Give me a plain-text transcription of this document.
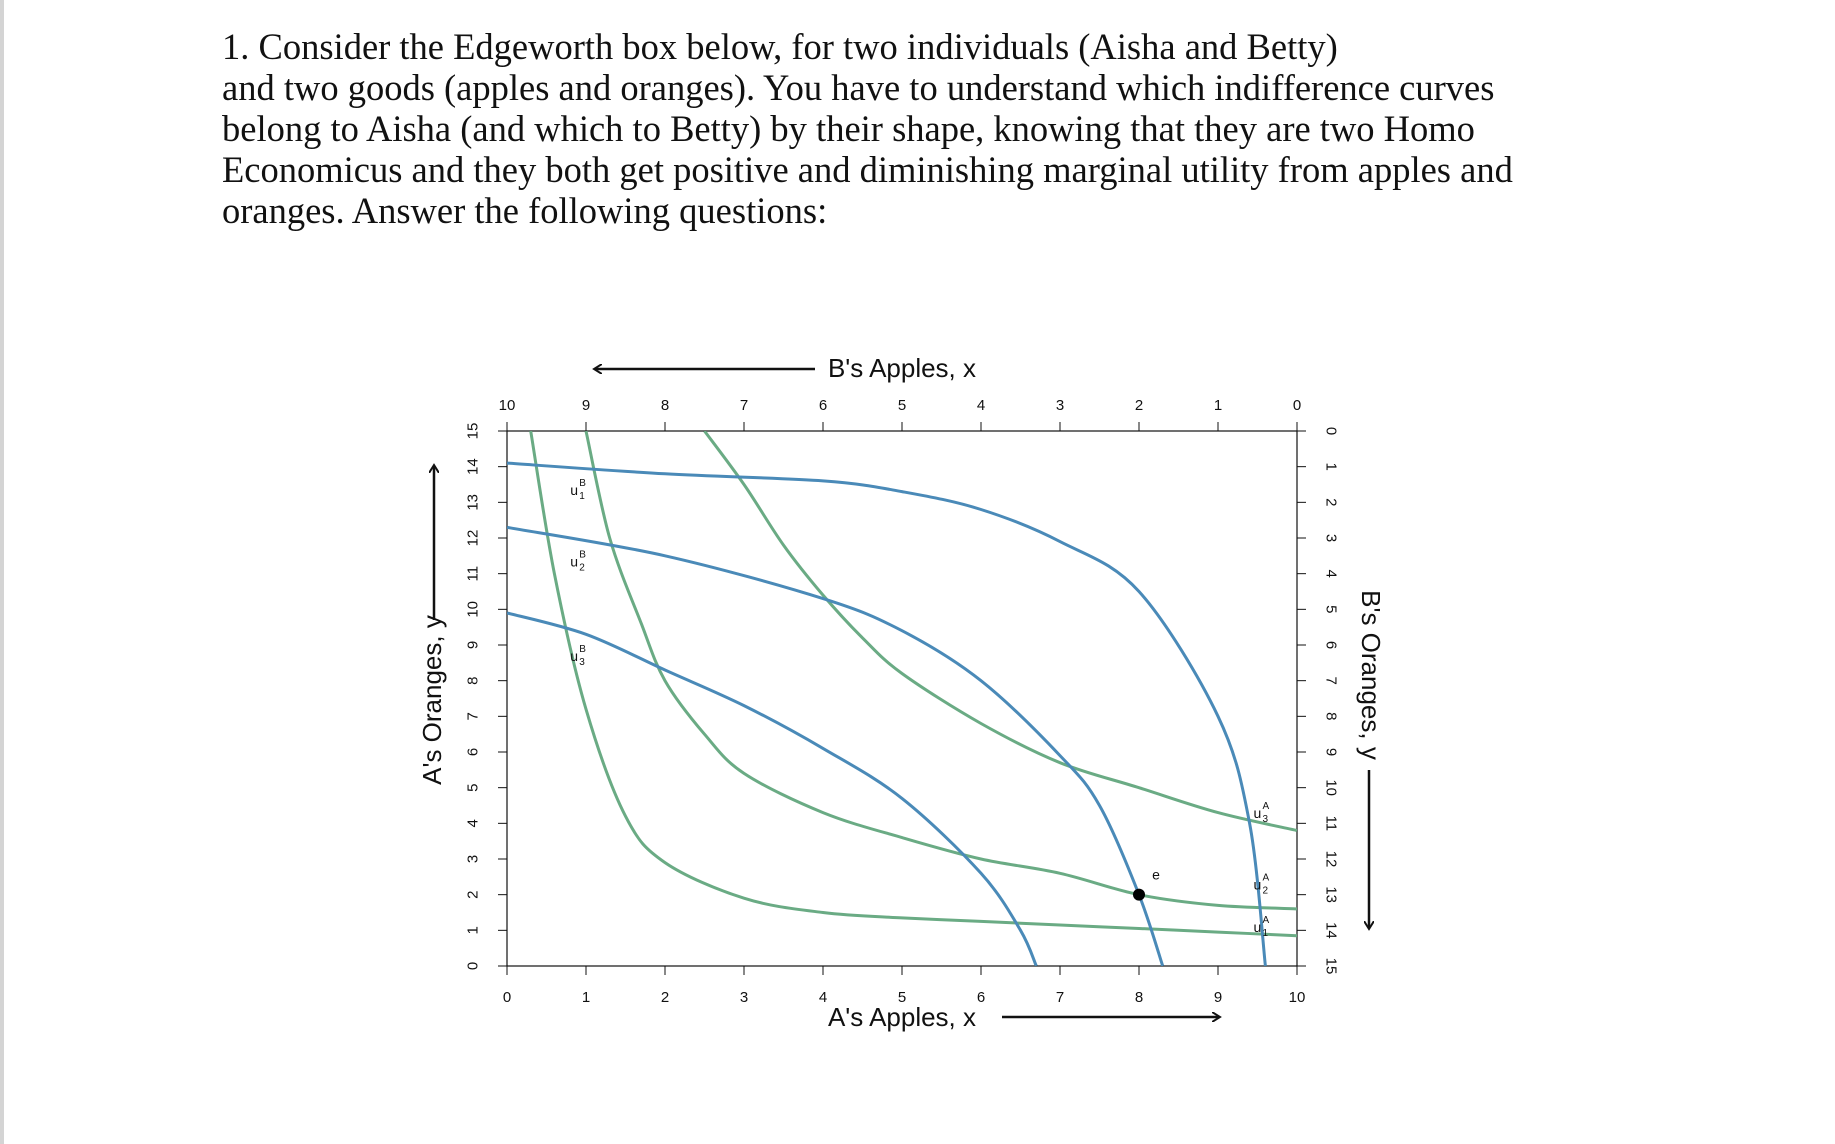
1. Consider the Edgeworth box below, for two individuals (Aisha and Betty)
and two goods (apples and oranges). You have to understand which indifference curves
belong to Aisha (and which to Betty) by their shape, knowing that they are two Homo
Economicus and they both get positive and diminishing marginal utility from apples and
oranges. Answer the following questions:
0	1	2	3	4	5	6	7	8	9	10
10	9	8	7	6	5	4	3	2	1	0
0
1
2
3
4
5
6
7
8
9
10
11
12
13
14
15
15
14
13
12
11
10
9
8
7
6
5
4
3
2
1
0
e
u A
1
u A
2
u A
3
u B
1
u B
2
u B
3
A's Apples, x
B's Apples, x
A's Oranges, y	B's Oranges, y
